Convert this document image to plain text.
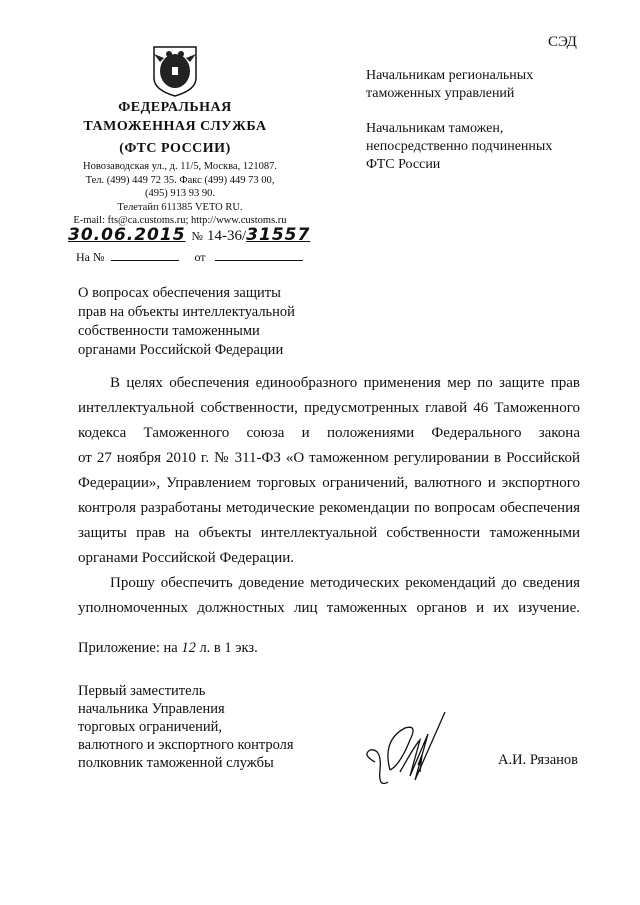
СЭД
Начальникам региональных
таможенных управлений
Начальникам таможен,
непосредственно подчиненных
ФТС России
ФЕДЕРАЛЬНАЯ
ТАМОЖЕННАЯ СЛУЖБА
(ФТС РОССИИ)
Новозаводская ул., д. 11/5, Москва, 121087.
Тел. (499) 449 72 35. Факс (499) 449 73 00,
(495) 913 93 90.
Телетайп 611385 VETO RU.
E-mail: fts@ca.customs.ru; http://www.customs.ru
30.06.2015 № 14-36/31557
На №	от
О вопросах обеспечения защиты
прав на объекты интеллектуальной
собственности таможенными
органами Российской Федерации
В целях обеспечения единообразного применения мер по защите прав
интеллектуальной собственности, предусмотренных главой 46 Таможенного
кодекса Таможенного союза и положениями Федерального закона
от 27 ноября 2010 г. № 311-ФЗ «О таможенном регулировании в Российской
Федерации», Управлением торговых ограничений, валютного и экспортного
контроля разработаны методические рекомендации по вопросам обеспечения
защиты прав на объекты интеллектуальной собственности таможенными
органами Российской Федерации.
Прошу обеспечить доведение методических рекомендаций до сведения
уполномоченных должностных лиц таможенных органов и их изучение.
Приложение: на 12 л. в 1 экз.
Первый заместитель
начальника Управления
торговых ограничений,
валютного и экспортного контроля
полковник таможенной службы	А.И. Рязанов
